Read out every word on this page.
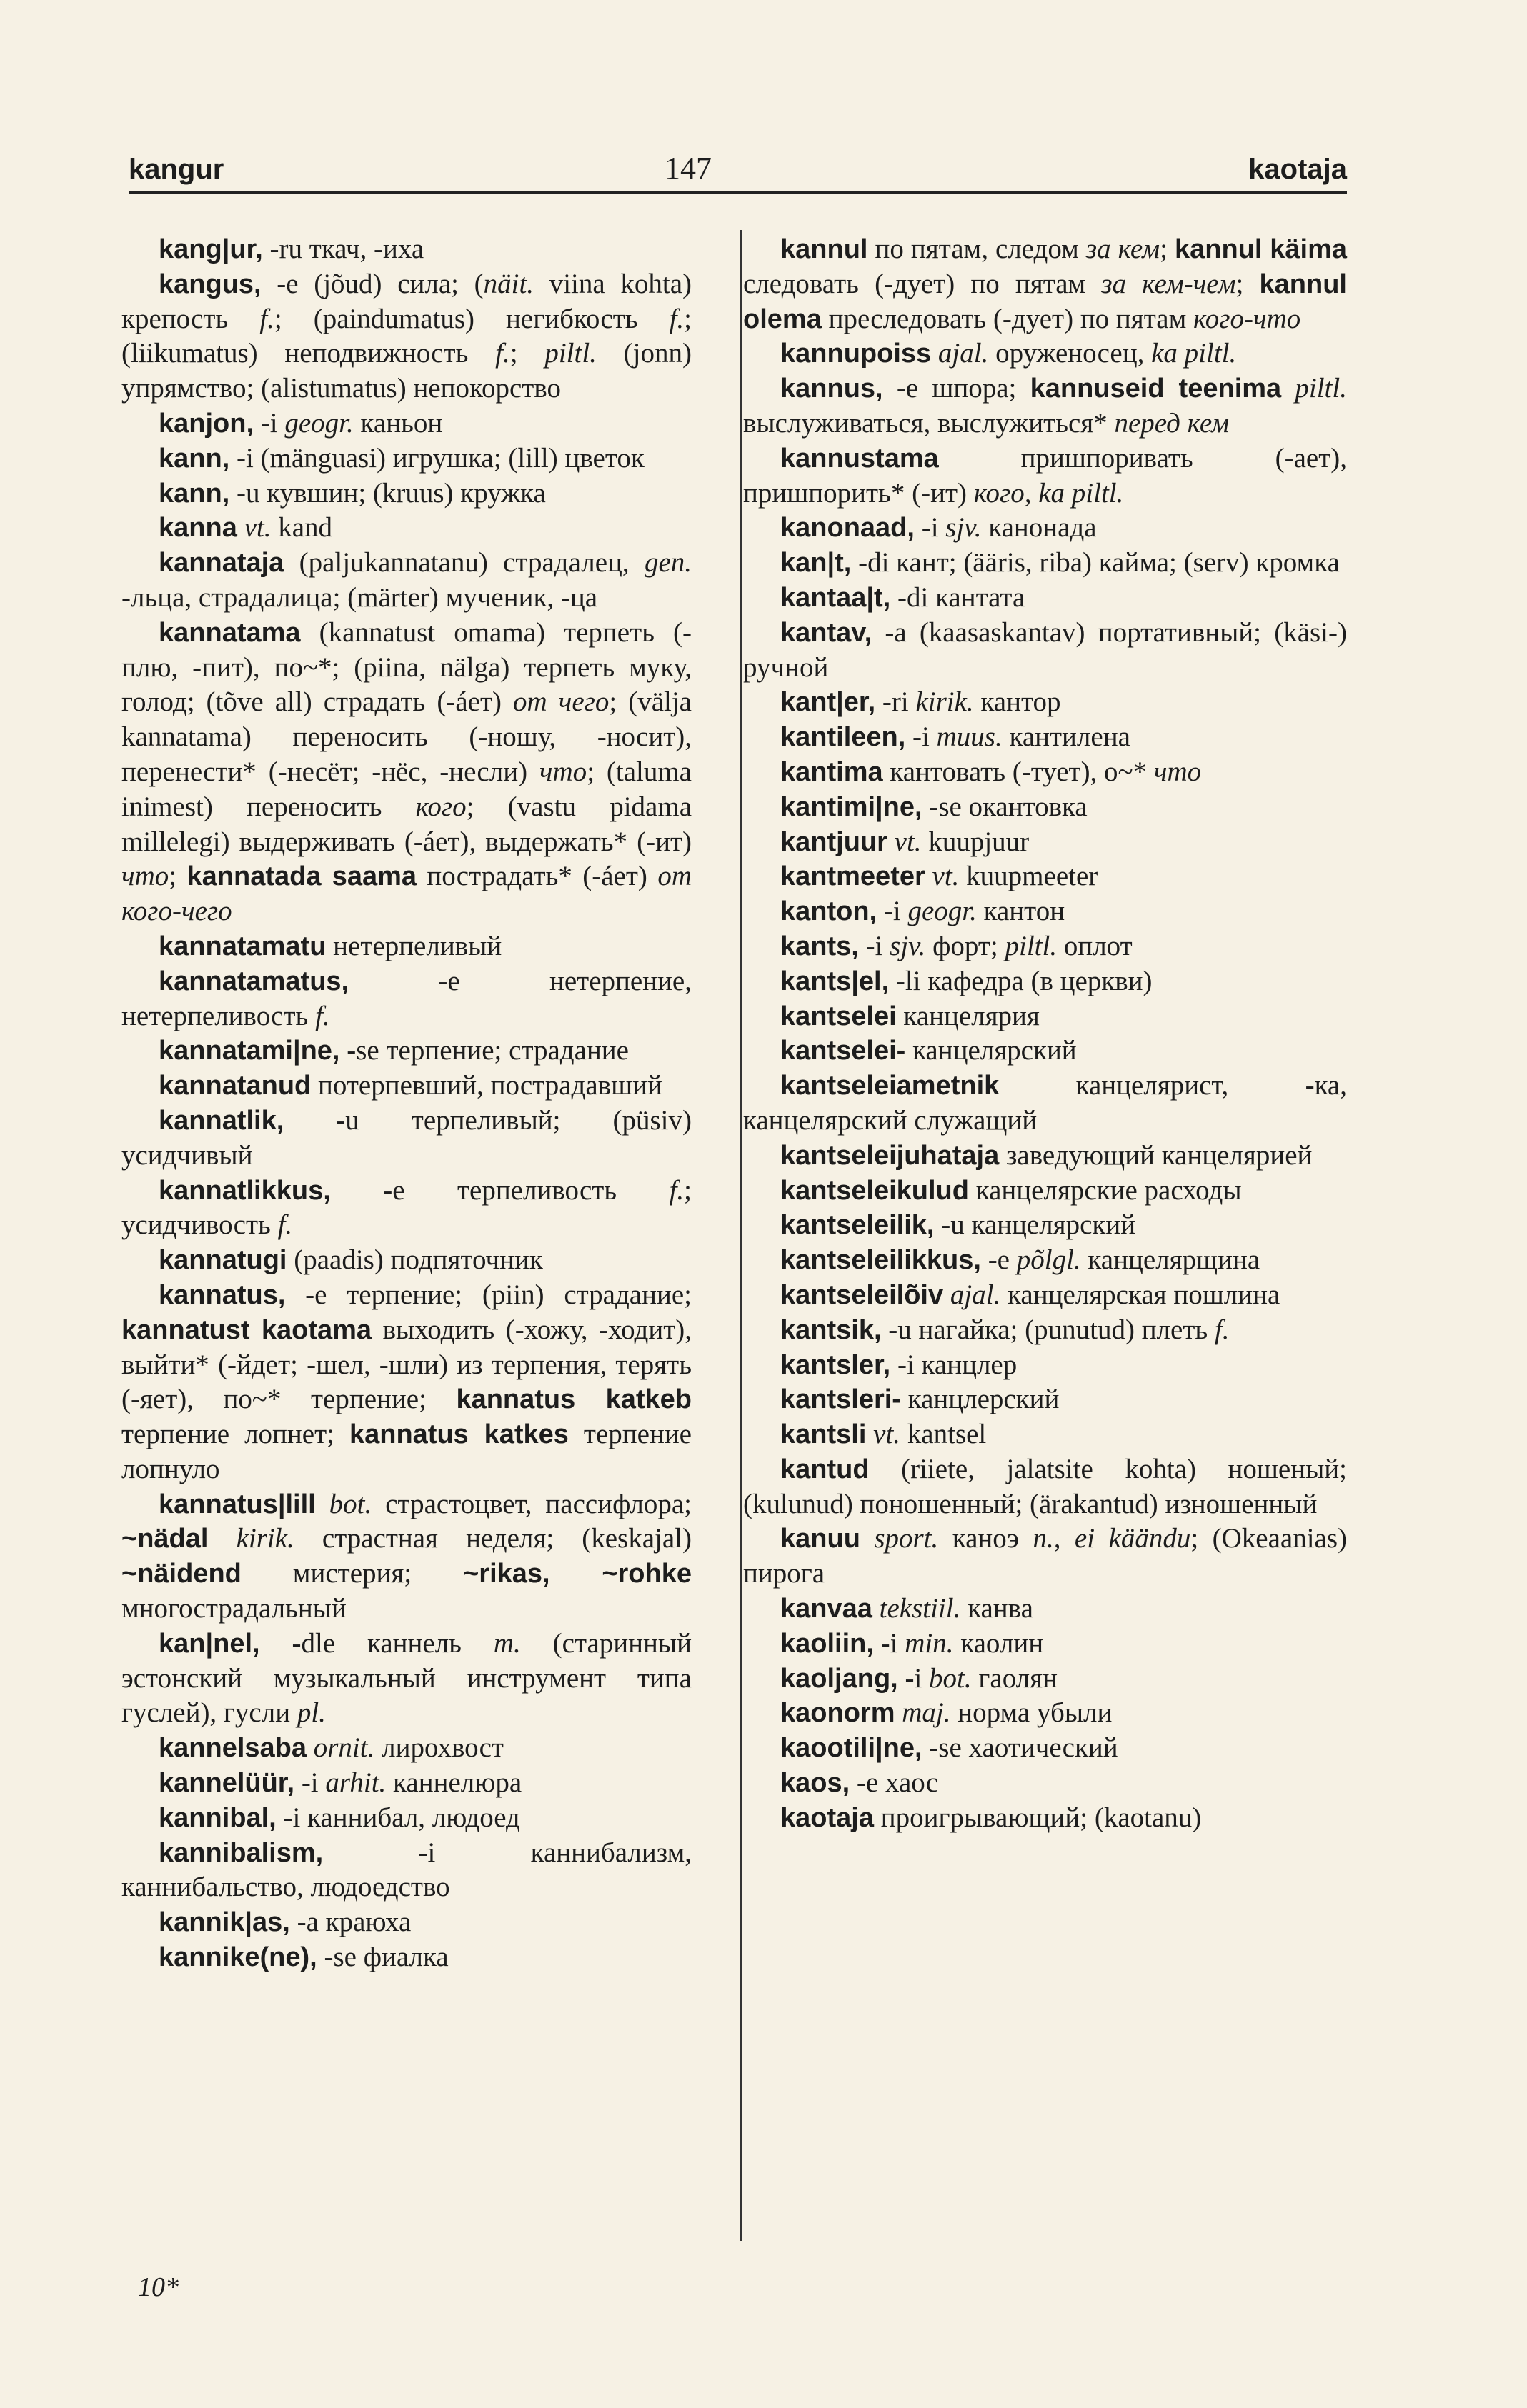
kangur	147	kaotaja

kang|ur, -ru ткач, -иха

kangus, -e (jõud) сила; (näit. viina kohta) крепость f.; (paindumatus) негибкость f.; (liikumatus) неподвижность f.; piltl. (jonn) упрямство; (alistumatus) непокорство

kanjon, -i geogr. каньон

kann, -i (mänguasi) игрушка; (lill) цветок

kann, -u кувшин; (kruus) кружка

kanna vt. kand

kannataja (paljukannatanu) страдалец, gen. -льца, страдалица; (märter) мученик, -ца

kannatama (kannatust omama) терпеть (-плю, -пит), по~*; (piina, nälga) терпеть муку, голод; (tõve all) страдать (-áет) от чего; (välja kannatama) переносить (-ношу, -носит), перенести* (-несёт; -нёс, -несли) что; (taluma inimest) переносить кого; (vastu pidama millelegi) выдерживать (-áет), выдержать* (-ит) что; kannatada saama пострадать* (-áет) от кого-чего

kannatamatu нетерпеливый

kannatamatus, -e нетерпение, нетерпеливость f.

kannatami|ne, -se терпение; страдание

kannatanud потерпевший, пострадавший

kannatlik, -u терпеливый; (püsiv) усидчивый

kannatlikkus, -e терпеливость f.; усидчивость f.

kannatugi (paadis) подпяточник

kannatus, -e терпение; (piin) страдание; kannatust kaotama выходить (-хожу, -ходит), выйти* (-йдет; -шел, -шли) из терпения, терять (-яет), по~* терпение; kannatus katkeb терпение лопнет; kannatus katkes терпение лопнуло

kannatus|lill bot. страстоцвет, пассифлора; ~nädal kirik. страстная неделя; (keskajal) ~näidend мистерия; ~rikas, ~rohke многострадальный

kan|nel, -dle каннель m. (старинный эстонский музыкальный инструмент типа гуслей), гусли pl.

kannelsaba ornit. лирохвост

kannelüür, -i arhit. каннелюра

kannibal, -i каннибал, людоед

kannibalism, -i каннибализм, каннибальство, людоедство

kannik|as, -a краюха

kannike(ne), -se фиалка

kannul по пятам, следом за кем; kannul käima следовать (-дует) по пятам за кем-чем; kannul olema преследовать (-дует) по пятам кого-что

kannupoiss ajal. оруженосец, ka piltl.

kannus, -e шпора; kannuseid teenima piltl. выслуживаться, выслужиться* перед кем

kannustama пришпоривать (-ает), пришпорить* (-ит) кого, ka piltl.

kanonaad, -i sjv. канонада

kan|t, -di кант; (ääris, riba) кайма; (serv) кромка

kantaa|t, -di кантата

kantav, -a (kaasaskantav) портативный; (käsi-) ручной

kant|er, -ri kirik. кантор

kantileen, -i muus. кантилена

kantima кантовать (-тует), о~* что

kantimi|ne, -se окантовка

kantjuur vt. kuupjuur

kantmeeter vt. kuupmeeter

kanton, -i geogr. кантон

kants, -i sjv. форт; piltl. оплот

kants|el, -li кафедра (в церкви)

kantselei канцелярия

kantselei- канцелярский

kantseleiametnik канцелярист, -ка, канцелярский служащий

kantseleijuhataja заведующий канцелярией

kantseleikulud канцелярские расходы

kantseleilik, -u канцелярский

kantseleilikkus, -e põlgl. канцелярщина

kantseleilõiv ajal. канцелярская пошлина

kantsik, -u нагайка; (punutud) плеть f.

kantsler, -i канцлер

kantsleri- канцлерский

kantsli vt. kantsel

kantud (riiete, jalatsite kohta) ношеный; (kulunud) поношенный; (ärakantud) изношенный

kanuu sport. каноэ n., ei käändu; (Okeaanias) пирога

kanvaa tekstiil. канва

kaoliin, -i min. каолин

kaoljang, -i bot. гаолян

kaonorm maj. норма убыли

kaootili|ne, -se хаотический

kaos, -e хаос

kaotaja проигрывающий; (kaotanu)

10*
